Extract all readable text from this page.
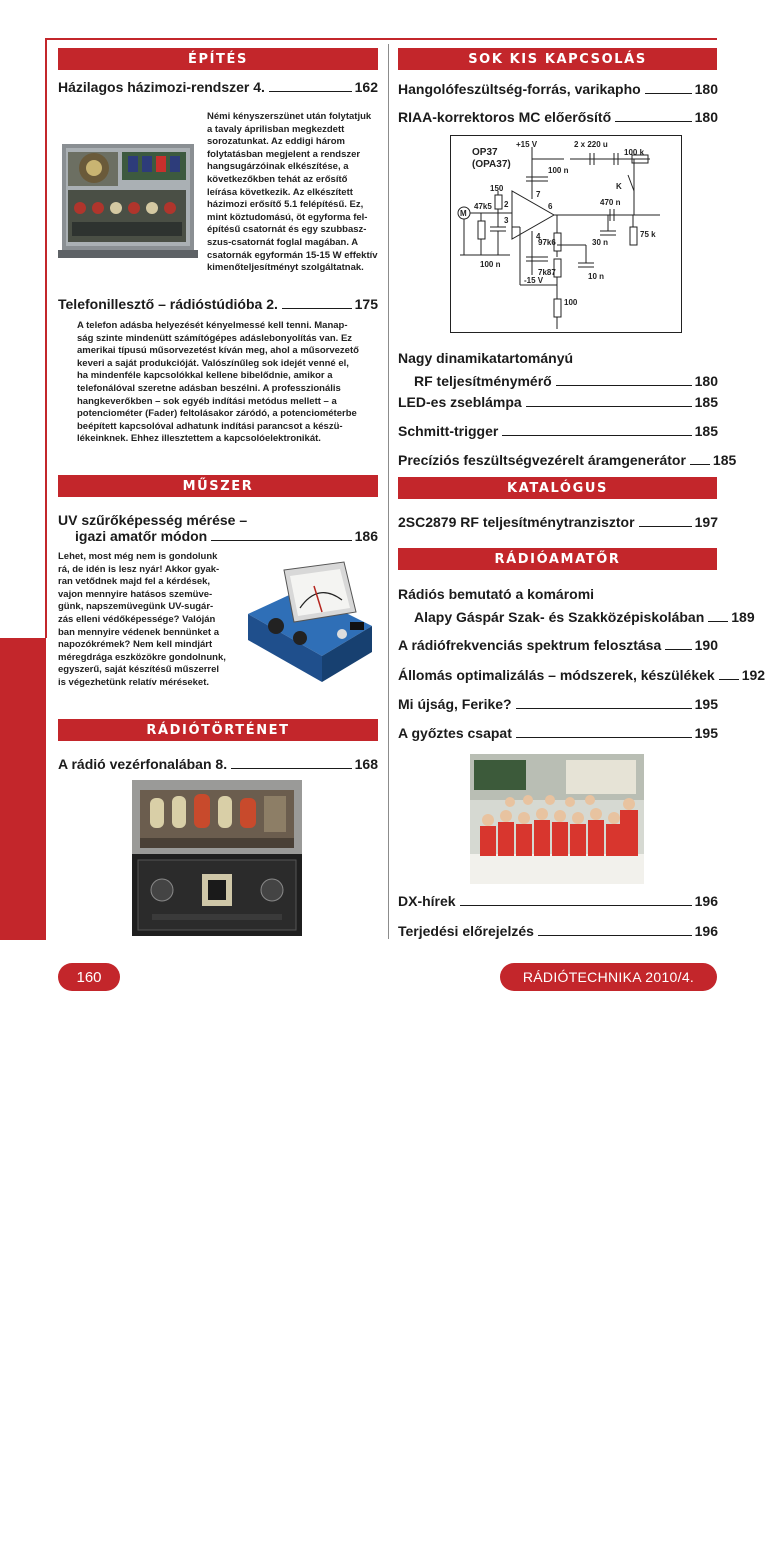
TARTALOMJEGYZÉK
ÉPÍTÉS
Házilagos házimozi-rendszer 4.	162
Némi kényszerszünet után folytatjuk
a tavaly áprilisban megkezdett
sorozatunkat. Az eddigi három
folytatásban megjelent a rendszer
hangsugárzóinak elkészítése, a
következőkben tehát az erősítő
leírása következik. Az elkészített
házimozi erősítő 5.1 felépítésű. Ez,
mint köztudomású, öt egyforma fel-
építésű csatornát és egy szubbasz-
szus-csatornát foglal magában. A
csatornák egyformán 15-15 W effektív
kimenőteljesítményt szolgáltatnak.
Telefonillesztő – rádióstúdióba 2.	175
A telefon adásba helyezését kényelmessé kell tenni. Manap-
ság szinte mindenütt számítógépes adáslebonyolítás van. Ez
amerikai típusú műsorvezetést kíván meg, ahol a műsorvezető
keveri a saját produkcióját. Valószínűleg sok idejét venné el,
ha mindenféle kapcsolókkal kellene bibelődnie, amikor a
telefonálóval szeretne adásban beszélni. A professzionális
hangkeverőkben – sok egyéb indítási metódus mellett – a
potenciométer (Fader) feltolásakor záródó, a potenciométerbe
beépített kapcsolóval adhatunk indítási parancsot a készü-
lékeinknek. Ehhez illesztettem a kapcsolóelektronikát.
MŰSZER
UV szűrőképesség mérése –
igazi amatőr módon	186
Lehet, most még nem is gondolunk
rá, de idén is lesz nyár! Akkor gyak-
ran vetődnek majd fel a kérdések,
vajon mennyire hatásos szemüve-
günk, napszemüvegünk UV-sugár-
zás elleni védőképessége? Valóján
ban mennyire védenek bennünket a
napozókrémek? Nem kell mindjárt
méregdrága eszközökre gondolnunk,
egyszerű, saját készítésű műszerrel
is végezhetünk relatív méréseket.
RÁDIÓTÖRTÉNET
A rádió vezérfonalában 8.	168
SOK KIS KAPCSOLÁS
Hangolófeszültség-forrás, varikapho	180
RIAA-korrektoros MC előerősítő	180
OP37
(OPA37)
+15 V	2 x 220 u
100 k
100 n
K
47k5
150
470 n
75 k
30 n
97k6
7k87	10 n
100 n
-15 V
100
2
3
4
6
7
M
Nagy dinamikatartományú
RF teljesítménymérő	180
LED-es zseblámpa	185
Schmitt-trigger	185
Precíziós feszültségvezérelt áramgenerátor 185
KATALÓGUS
2SC2879 RF teljesítménytranzisztor	197
RÁDIÓAMATŐR
Rádiós bemutató a komáromi
Alapy Gáspár Szak- és Szakközépiskolában 189
A rádiófrekvenciás spektrum felosztása 190
Állomás optimalizálás – módszerek, készülékek 192
Mi újság, Ferike?	195
A győztes csapat	195
DX-hírek	196
Terjedési előrejelzés	196
160	RÁDIÓTECHNIKA 2010/4.
